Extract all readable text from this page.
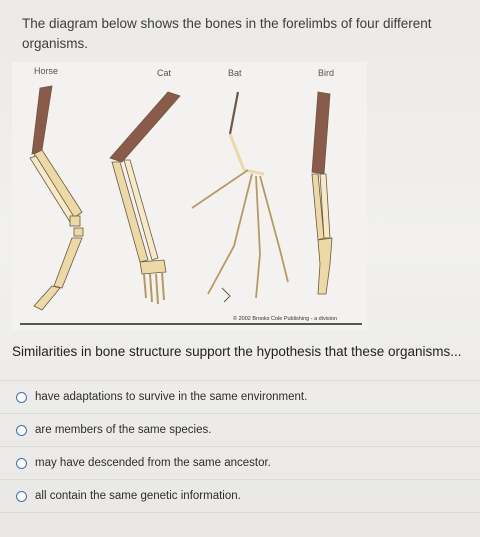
The diagram below shows the bones in the forelimbs of four different organisms.
Horse	Cat	Bat	Bird
© 2002 Brooks Cole Publishing - a division
Similarities in bone structure support the hypothesis that these organisms...
have adaptations to survive in the same environment.
are members of the same species.
may have descended from the same ancestor.
all contain the same genetic information.
